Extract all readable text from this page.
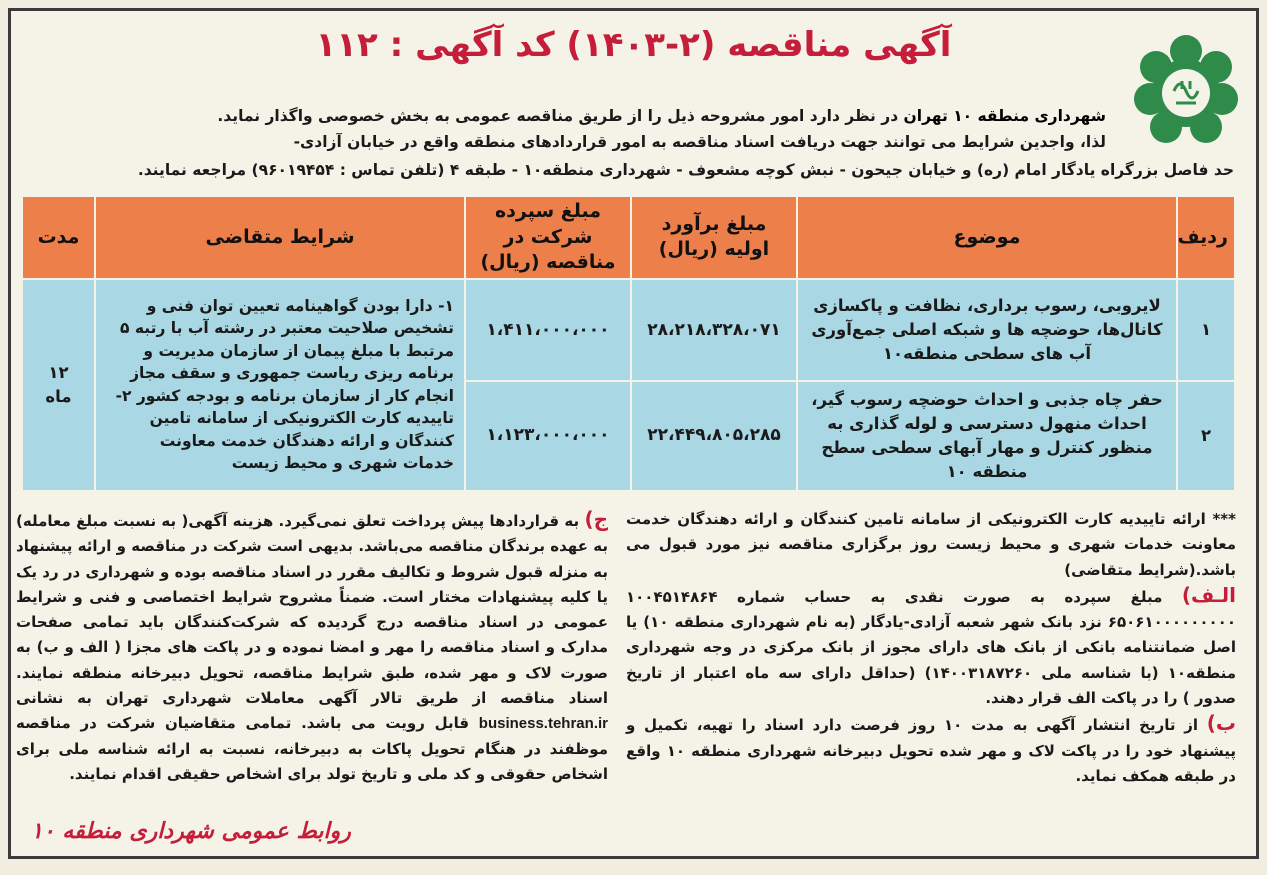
آگهی مناقصه (۲-۱۴۰۳) کد آگهی : ۱۱۲
شهرداری منطقه ۱۰ تهران در نظر دارد امور مشروحه ذیل را از طریق مناقصه عمومی به بخش خصوصی واگذار نماید.
لذا، واجدین شرایط می توانند جهت دریافت اسناد مناقصه به امور قراردادهای منطقه واقع در خیابان آزادی-
حد فاصل بزرگراه یادگار امام (ره) و خیابان جیحون - نبش کوچه مشعوف - شهرداری منطقه۱۰ - طبقه ۴ (تلفن تماس : ۹۶۰۱۹۴۵۴) مراجعه نمایند.
ردیف	موضوع	مبلغ برآورد اولیه (ریال)	مبلغ سپرده شرکت در مناقصه (ریال)	شرایط متقاضی	مدت
۱	لایروبی، رسوب برداری، نظافت و پاکسازی کانال‌ها، حوضچه ها و شبکه اصلی جمع‌آوری آب های سطحی منطقه۱۰	۲۸،۲۱۸،۳۲۸،۰۷۱	۱،۴۱۱،۰۰۰،۰۰۰	۱- دارا بودن گواهینامه تعیین توان فنی و تشخیص صلاحیت معتبر در رشته آب با رتبه ۵ مرتبط با مبلغ پیمان از سازمان مدیریت و برنامه ریزی ریاست جمهوری و سقف مجاز انجام کار از سازمان برنامه و بودجه کشور ۲- تاییدیه کارت الکترونیکی از سامانه تامین کنندگان و ارائه دهندگان خدمت معاونت خدمات شهری و محیط زیست	۱۲ ماه
۲	حفر چاه جذبی و احداث حوضچه رسوب گیر، احداث منهول دسترسی و لوله گذاری به منظور کنترل و مهار آبهای سطحی سطح منطقه ۱۰	۲۲،۴۴۹،۸۰۵،۲۸۵	۱،۱۲۳،۰۰۰،۰۰۰		
*** ارائه تاییدیه کارت الکترونیکی از سامانه تامین کنندگان و ارائه دهندگان خدمت معاونت خدمات شهری و محیط زیست روز برگزاری مناقصه نیز مورد قبول می باشد.(شرایط متقاضی)
الـف) مبلغ سپرده به صورت نقدی به حساب شماره ۱۰۰۴۵۱۴۸۶۴ ۶۵۰۶۱۰۰۰۰۰۰۰۰۰ نزد بانک شهر شعبه آزادی-یادگار (به نام شهرداری منطقه ۱۰) یا اصل ضمانتنامه بانکی از بانک های دارای مجوز از بانک مرکزی در وجه شهرداری منطقه۱۰ (با شناسه ملی ۱۴۰۰۳۱۸۷۲۶۰) (حداقل دارای سه ماه اعتبار از تاریخ صدور ) را در پاکت الف قرار دهند.
ب) از تاریخ انتشار آگهی به مدت ۱۰ روز فرصت دارد اسناد را تهیه، تکمیل و پیشنهاد خود را در پاکت لاک و مهر شده تحویل دبیرخانه شهرداری منطقه ۱۰ واقع در طبقه همکف نماید.
ج) به قراردادها پیش پرداخت تعلق نمی‌گیرد. هزینه آگهی( به نسبت مبلغ معامله) به عهده برندگان مناقصه می‌باشد. بدیهی است شرکت در مناقصه و ارائه پیشنهاد به منزله قبول شروط و تکالیف مقرر در اسناد مناقصه بوده و شهرداری در رد یک یا کلیه پیشنهادات مختار است. ضمناً مشروح شرایط اختصاصی و فنی و شرایط عمومی در اسناد مناقصه درج گردیده که شرکت‌کنندگان باید تمامی صفحات مدارک و اسناد مناقصه را مهر و امضا نموده و در پاکت های مجزا ( الف و ب) به صورت لاک و مهر شده، طبق شرایط مناقصه، تحویل دبیرخانه منطقه نمایند. اسناد مناقصه از طریق تالار آگهی معاملات شهرداری تهران به نشانی business.tehran.ir قابل رویت می باشد. تمامی متقاضیان شرکت در مناقصه موظفند در هنگام تحویل پاکات به دبیرخانه، نسبت به ارائه شناسه ملی برای اشخاص حقوقی و کد ملی و تاریخ تولد برای اشخاص حقیقی اقدام نمایند.
روابط عمومی شهرداری منطقه ۱۰
